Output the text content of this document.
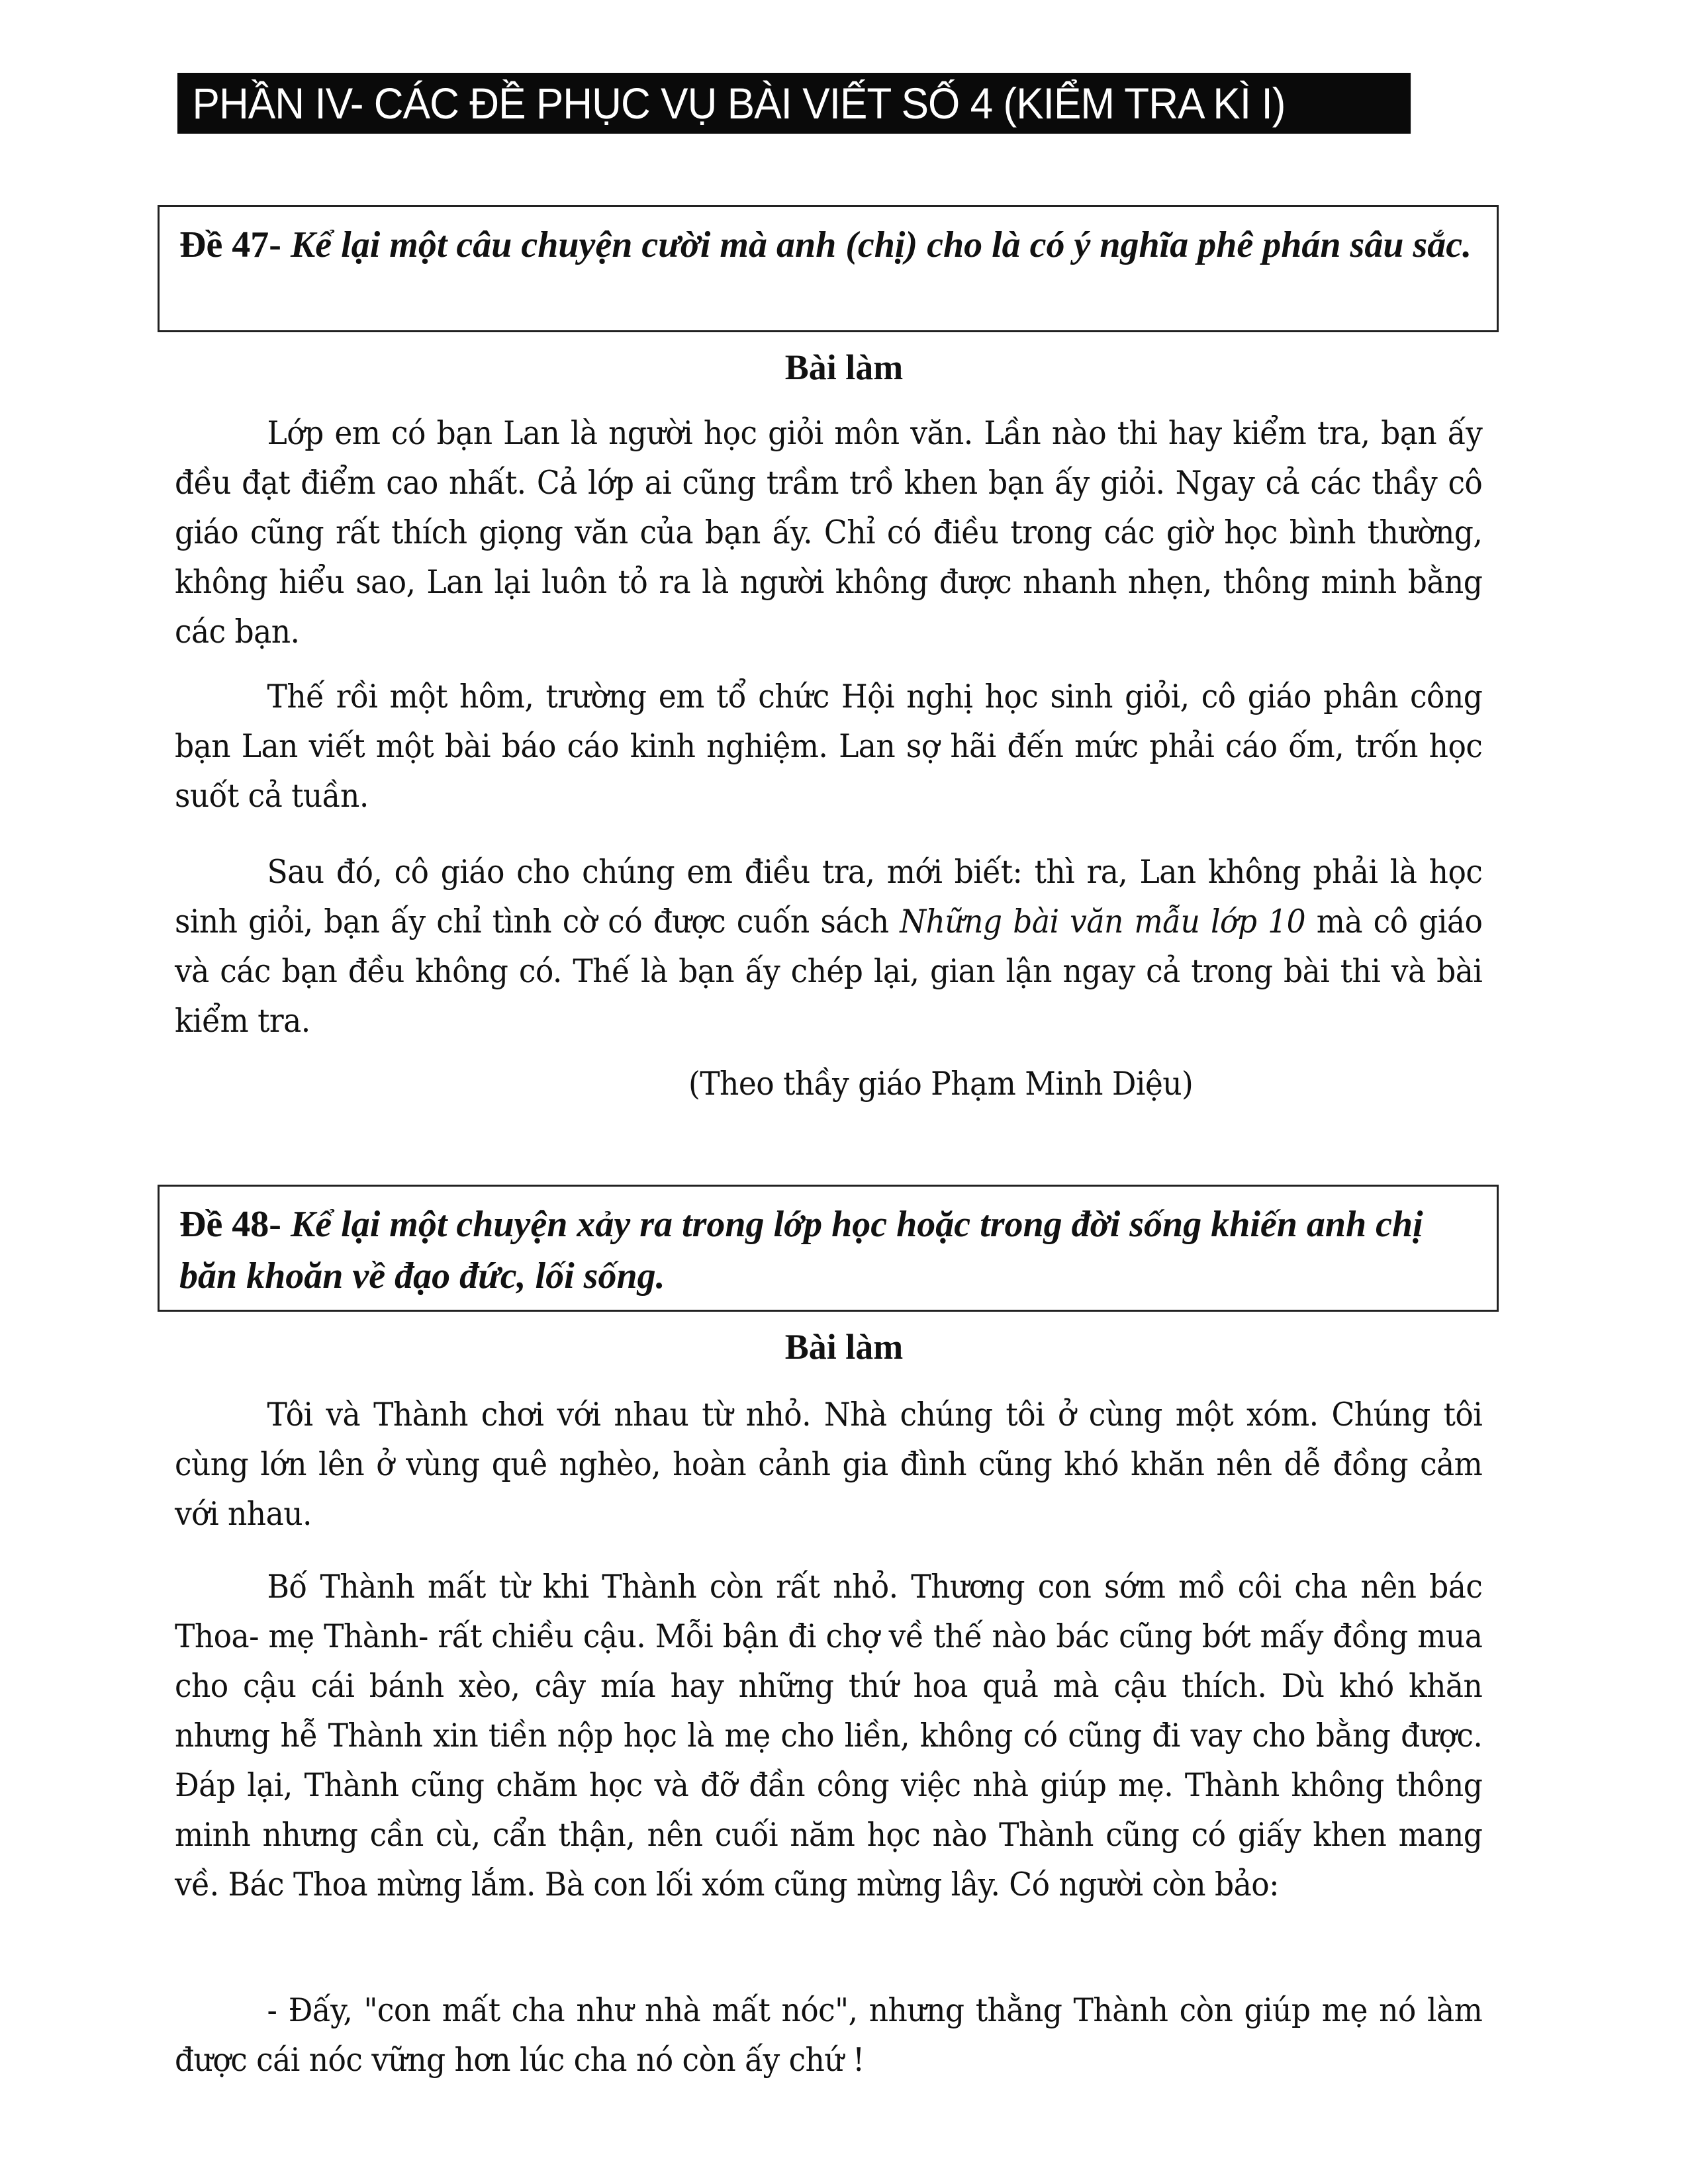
PHẦN IV- CÁC ĐỀ PHỤC VỤ BÀI VIẾT SỐ 4 (KIỂM TRA KÌ I)
Đề 47- Kể lại một câu chuyện cười mà anh (chị) cho là có ý nghĩa phê phán sâu sắc.
Bài làm

Lớp em có bạn Lan là người học giỏi môn văn. Lần nào thi hay kiểm tra, bạn ấy đều đạt điểm cao nhất. Cả lớp ai cũng trầm trồ khen bạn ấy giỏi. Ngay cả các thầy cô giáo cũng rất thích giọng văn của bạn ấy. Chỉ có điều trong các giờ học bình thường, không hiểu sao, Lan lại luôn tỏ ra là người không được nhanh nhẹn, thông minh bằng các bạn.

Thế rồi một hôm, trường em tổ chức Hội nghị học sinh giỏi, cô giáo phân công bạn Lan viết một bài báo cáo kinh nghiệm. Lan sợ hãi đến mức phải cáo ốm, trốn học suốt cả tuần.

Sau đó, cô giáo cho chúng em điều tra, mới biết: thì ra, Lan không phải là học sinh giỏi, bạn ấy chỉ tình cờ có được cuốn sách Những bài văn mẫu lớp 10 mà cô giáo và các bạn đều không có. Thế là bạn ấy chép lại, gian lận ngay cả trong bài thi và bài kiểm tra.

(Theo thầy giáo Phạm Minh Diệu)
Đề 48- Kể lại một chuyện xảy ra trong lớp học hoặc trong đời sống khiến anh chị băn khoăn về đạo đức, lối sống.
Bài làm

Tôi và Thành chơi với nhau từ nhỏ. Nhà chúng tôi ở cùng một xóm. Chúng tôi cùng lớn lên ở vùng quê nghèo, hoàn cảnh gia đình cũng khó khăn nên dễ đồng cảm với nhau.

Bố Thành mất từ khi Thành còn rất nhỏ. Thương con sớm mồ côi cha nên bác Thoa- mẹ Thành- rất chiều cậu. Mỗi bận đi chợ về thế nào bác cũng bớt mấy đồng mua cho cậu cái bánh xèo, cây mía hay những thứ hoa quả mà cậu thích. Dù khó khăn nhưng hễ Thành xin tiền nộp học là mẹ cho liền, không có cũng đi vay cho bằng được. Đáp lại, Thành cũng chăm học và đỡ đần công việc nhà giúp mẹ. Thành không thông minh nhưng cần cù, cẩn thận, nên cuối năm học nào Thành cũng có giấy khen mang về. Bác Thoa mừng lắm. Bà con lối xóm cũng mừng lây. Có người còn bảo:

- Đấy, "con mất cha như nhà mất nóc", nhưng thằng Thành còn giúp mẹ nó làm được cái nóc vững hơn lúc cha nó còn ấy chứ !
